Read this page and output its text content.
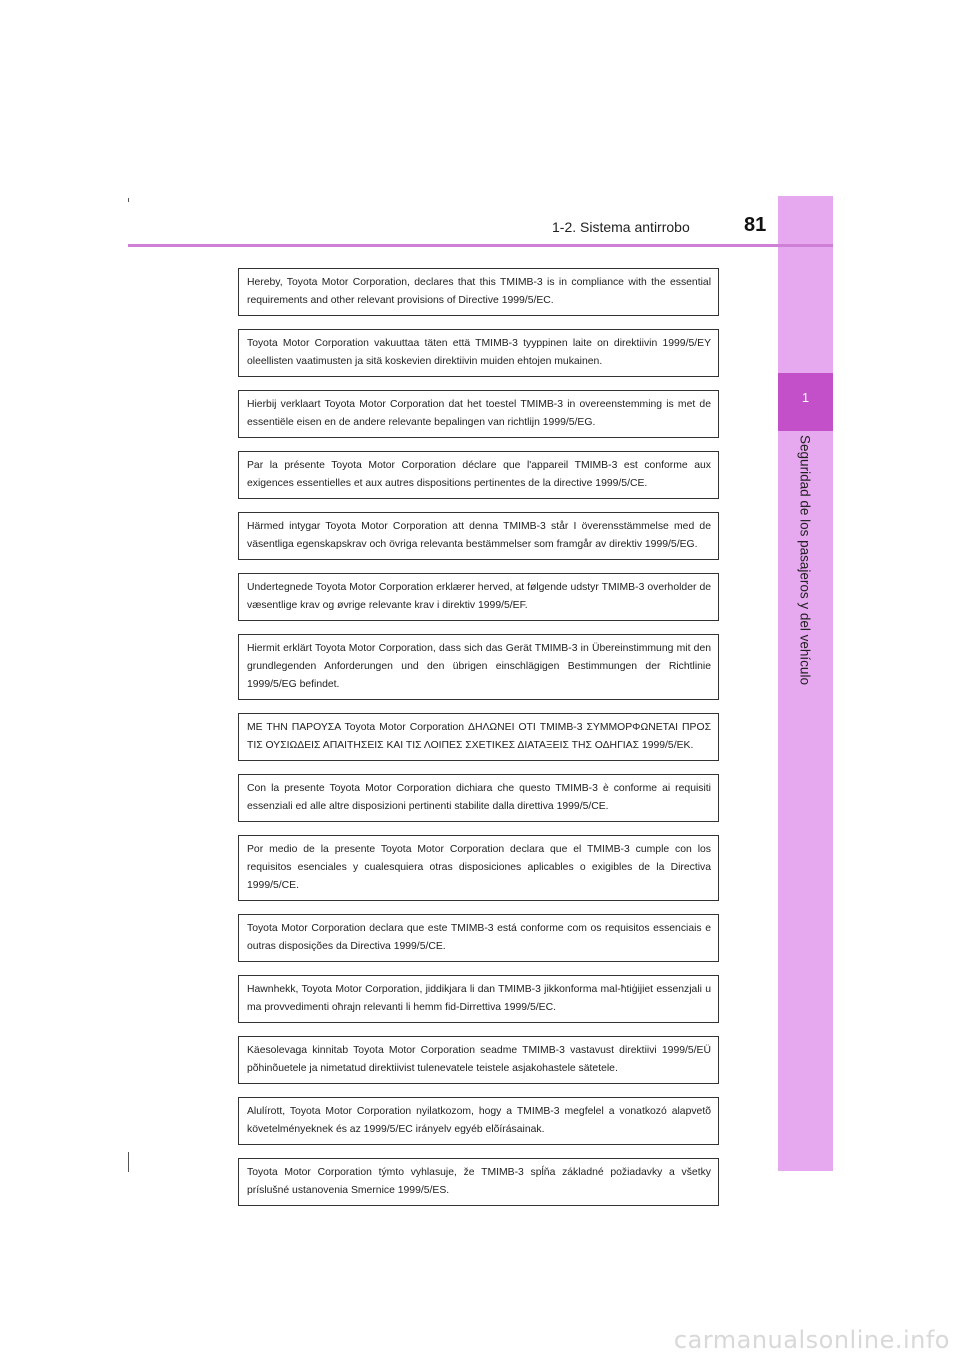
1
Seguridad de los pasajeros y del vehículo
1-2. Sistema antirrobo	81
Hereby, Toyota Motor Corporation, declares that this TMIMB-3 is in compliance with the essential requirements and other relevant provisions of Directive 1999/5/EC.
Toyota Motor Corporation vakuuttaa täten että TMIMB-3 tyyppinen laite on direktiivin 1999/5/EY oleellisten vaatimusten ja sitä koskevien direktiivin muiden ehtojen mukainen.
Hierbij verklaart Toyota Motor Corporation dat het toestel TMIMB-3 in overeenstemming is met de essentiële eisen en de andere relevante bepalingen van richtlijn 1999/5/EG.
Par la présente Toyota Motor Corporation déclare que l'appareil TMIMB-3 est conforme aux exigences essentielles et aux autres dispositions pertinentes de la directive 1999/5/CE.
Härmed intygar Toyota Motor Corporation att denna TMIMB-3 står I överensstämmelse med de väsentliga egenskapskrav och övriga relevanta bestämmelser som framgår av direktiv 1999/5/EG.
Undertegnede Toyota Motor Corporation erklærer herved, at følgende udstyr TMIMB-3 overholder de væsentlige krav og øvrige relevante krav i direktiv 1999/5/EF.
Hiermit erklärt Toyota Motor Corporation, dass sich das Gerät TMIMB-3 in Übereinstimmung mit den grundlegenden Anforderungen und den übrigen einschlägigen Bestimmungen der Richtlinie 1999/5/EG befindet.
ΜΕ ΤΗΝ ΠΑΡΟΥΣΑ Toyota Motor Corporation ΔΗΛΩΝΕΙ ΟΤΙ TMIMB-3 ΣΥΜΜΟΡΦΩΝΕΤΑΙ ΠΡΟΣ ΤΙΣ ΟΥΣΙΩΔΕΙΣ ΑΠΑΙΤΗΣΕΙΣ ΚΑΙ ΤΙΣ ΛΟΙΠΕΣ ΣΧΕΤΙΚΕΣ ΔΙΑΤΑΞΕΙΣ ΤΗΣ ΟΔΗΓΙΑΣ 1999/5/ΕΚ.
Con la presente Toyota Motor Corporation dichiara che questo TMIMB-3 è conforme ai requisiti essenziali ed alle altre disposizioni pertinenti stabilite dalla direttiva 1999/5/CE.
Por medio de la presente Toyota Motor Corporation declara que el TMIMB-3 cumple con los requisitos esenciales y cualesquiera otras disposiciones aplicables o exigibles de la Directiva 1999/5/CE.
Toyota Motor Corporation declara que este TMIMB-3 está conforme com os requisitos essenciais e outras disposições da Directiva 1999/5/CE.
Hawnhekk, Toyota Motor Corporation, jiddikjara li dan TMIMB-3 jikkonforma mal-ħtiġijiet essenzjali u ma provvedimenti oħrajn relevanti li hemm fid-Dirrettiva 1999/5/EC.
Käesolevaga kinnitab Toyota Motor Corporation seadme TMIMB-3 vastavust direktiivi 1999/5/EÜ põhinõuetele ja nimetatud direktiivist tulenevatele teistele asjakohastele sätetele.
Alulírott, Toyota Motor Corporation nyilatkozom, hogy a TMIMB-3 megfelel a vonatkozó alapvetõ követelményeknek és az 1999/5/EC irányelv egyéb elõírásainak.
Toyota Motor Corporation týmto vyhlasuje, že TMIMB-3 spĺňa základné požiadavky a všetky príslušné ustanovenia Smernice 1999/5/ES.
carmanualsonline.info
